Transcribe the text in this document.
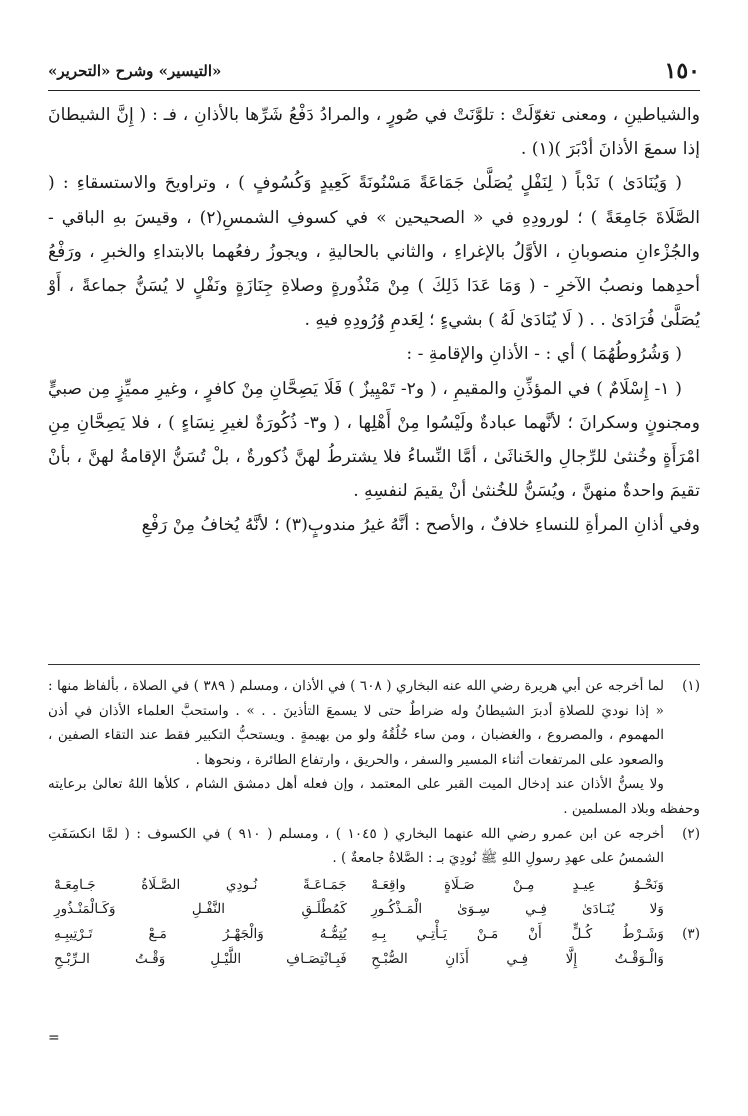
١٥٠
«التيسير» وشرح «التحرير»

والشياطينِ ، ومعنى تغوّلَتْ : تلوَّنَتْ في صُورٍ ، والمرادُ دَفْعُ شَرِّها بالأذانِ ، فـ : ( إِنَّ الشيطانَ إذا سمعَ الأذانَ أدْبَرَ )(١) .

( وَيُنَادَىٰ ) نَدْباً ( لِنَفْلٍ يُصَلَّىٰ جَمَاعَةً مَسْنُونَةً كَعِيدٍ وَكُسُوفٍ ) ، وتراويحَ والاستسقاءِ : ( الصَّلَاةَ جَامِعَةً ) ؛ لورودِهِ في « الصحيحين » في كسوفِ الشمسِ(٢) ، وقيسَ بهِ الباقي - والجُزْءانِ منصوبانِ ، الأوَّلُ بالإغراءِ ، والثاني بالحاليةِ ، ويجوزُ رفعُهما بالابتداءِ والخبرِ ، ورَفْعُ أحدِهما ونصبُ الآخرِ - ( وَمَا عَدَا ذَلِكَ ) مِنْ مَنْذُورةٍ وصلاةِ جِنَازَةٍ ونَفْلٍ لا يُسَنُّ جماعةً ، أَوْ يُصَلَّىٰ فُرَادَىٰ . . ( لَا يُنَادَىٰ لَهُ ) بشيءٍ ؛ لِعَدمِ وُرُودِهِ فيهِ .

( وَشُرُوطُهُمَا ) أي : - الأذانِ والإقامةِ - :

( ١- إِسْلَامٌ ) في المؤذِّنِ والمقيمِ ، ( و٢- تَمْيِيزٌ ) فَلَا يَصِحَّانِ مِنْ كافرٍ ، وغيرِ مميِّزٍ مِن صبيٍّ ومجنونٍ وسكرانَ ؛ لأنَّهما عبادةٌ ولَيْسُوا مِنْ أَهْلِها ، ( و٣- ذُكُورَةٌ لغيرِ نِسَاءٍ ) ، فلا يَصِحَّانِ مِنِ امْرَأَةٍ وخُنثىٰ للرِّجالِ والخَناثَىٰ ، أمَّا النِّساءُ فلا يشترطُ لهنَّ ذُكورةٌ ، بلْ تُسَنُّ الإقامةُ لهنَّ ، بأنْ تقيمَ واحدةٌ منهنَّ ، ويُسَنُّ للخُنثىٰ أنْ يقيمَ لنفسِهِ .

وفي أذانِ المرأةِ للنساءِ خلافٌ ، والأصح : أنَّهُ غيرُ مندوبٍ(٣) ؛ لأنَّهُ يُخافُ مِنْ رَفْعِ

(١)

لما أخرجه عن أبي هريرة رضي الله عنه البخاري ( ٦٠٨ ) في الأذان ، ومسلم ( ٣٨٩ ) في الصلاة ، بألفاظ منها : « إذا نوديَ للصلاةِ أدبرَ الشيطانُ وله ضراطٌ حتى لا يسمعَ التأذينَ . . » . واستحبَّ العلماء الأذان في أذن المهموم ، والمصروع ، والغضبان ، ومن ساء خُلُقُهُ ولو من بهيمةٍ . ويستحبُّ التكبير فقط عند التقاء الصفين ، والصعود على المرتفعات أثناء المسير والسفر ، والحريق ، وارتفاع الطائرة ، ونحوها .

ولا يسنُّ الأذان عند إدخال الميت القبر على المعتمد ، وإن فعله أهل دمشق الشام ، كلأها اللهُ تعالىٰ برعايته وحفظه وبلاد المسلمين .

(٢)

أخرجه عن ابن عمرو رضي الله عنهما البخاري ( ١٠٤٥ ) ، ومسلم ( ٩١٠ ) في الكسوف : ( لمَّا انكسَفَتِ الشمسُ على عهدِ رسولِ اللهِ ﷺ نُودِيَ بـ : الصَّلاةُ جامعةٌ ) .

(٣)
وَنَحْـوُ عِيـدٍ مِـنْ صَـلَاةٍ واقِعَـهْ
جَمَـاعَـةً نُـودِي الصَّـلَاةُ جَـامِعَـهْ
وَلا يُنَـادَىٰ فِـي سِـوَىٰ الْمَـذْكُـورِ
كَمُطْلَـقِ النَّفْـلِ وَكَـالْمَنْـذُورِ
وَشَـرْطُ كُـلٍّ أَنْ مَـنْ يَـأْتِـي بِـهِ
يُتِمُّـهُ وَالْجَهْـرُ مَـعْ تَـرْتِيبِـهِ
وَالْـوَقْـتُ إِلَّا فِـي أَذَانِ الصُّبْـحِ
فَبِـانْتِصَـافِ اللَّيْـلِ وَقْـتُ الـرِّبْـحِ
=
